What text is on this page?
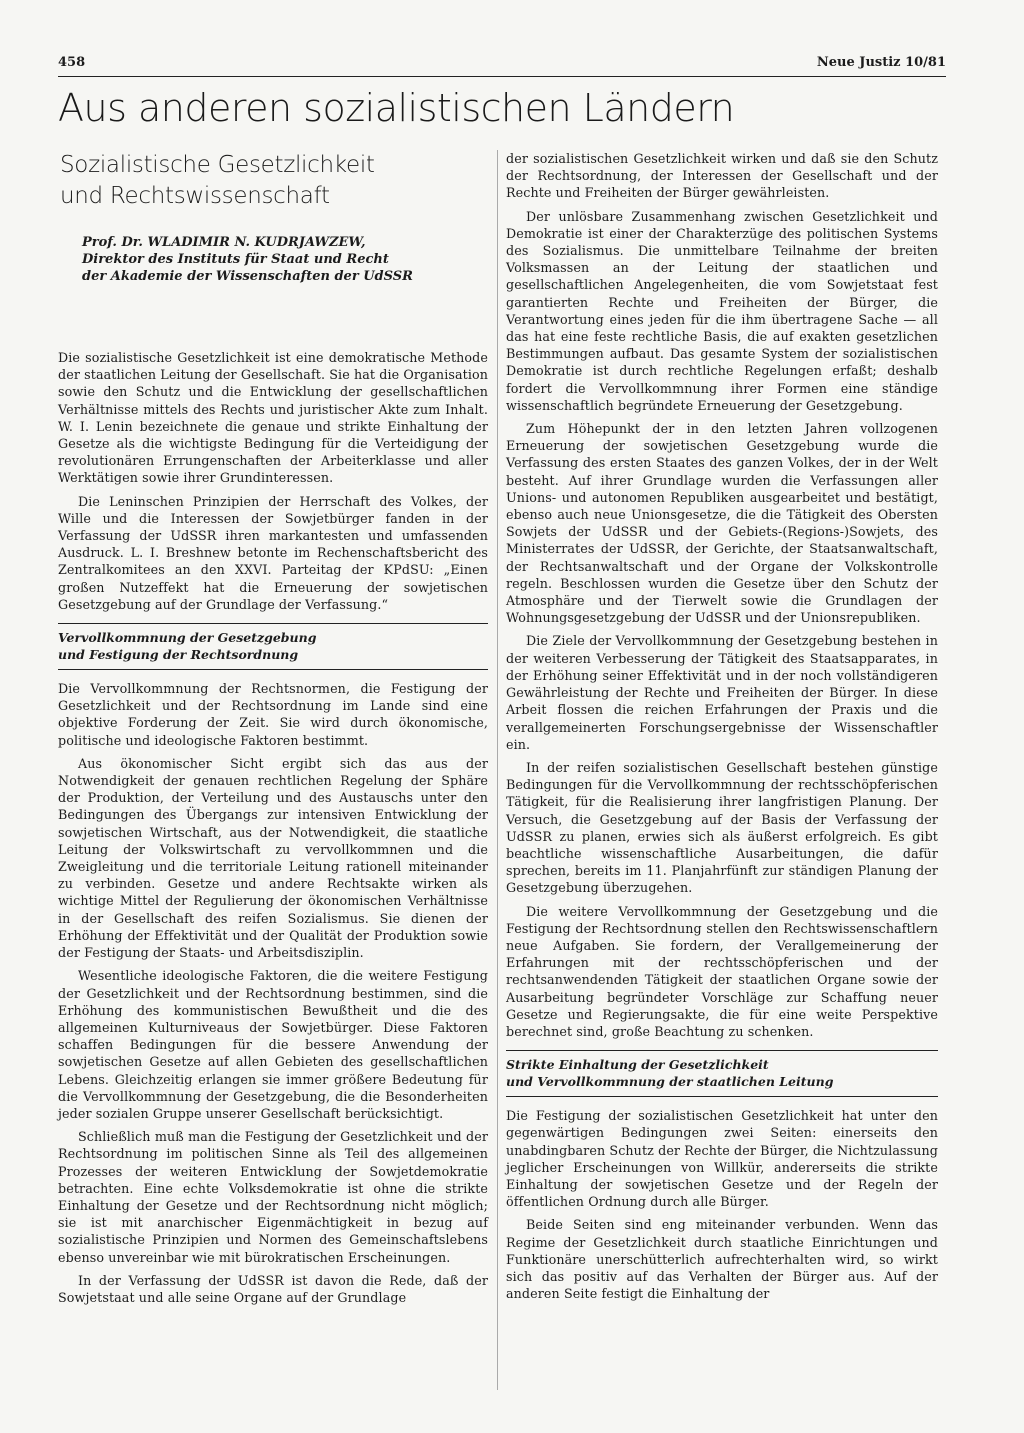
458	Neue Justiz 10/81
Aus anderen sozialistischen Ländern
Sozialistische Gesetzlichkeit
und Rechtswissenschaft
Prof. Dr. WLADIMIR N. KUDRJAWZEW,
Direktor des Instituts für Staat und Recht
der Akademie der Wissenschaften der UdSSR

Die sozialistische Gesetzlichkeit ist eine demokratische Methode der staatlichen Leitung der Gesellschaft. Sie hat die Organisation sowie den Schutz und die Entwicklung der gesellschaftlichen Verhältnisse mittels des Rechts und juristischer Akte zum Inhalt. W. I. Lenin bezeichnete die genaue und strikte Einhaltung der Gesetze als die wichtigste Bedingung für die Verteidigung der revolutionären Errungenschaften der Arbeiterklasse und aller Werktätigen sowie ihrer Grundinteressen.

Die Leninschen Prinzipien der Herrschaft des Volkes, der Wille und die Interessen der Sowjetbürger fanden in der Verfassung der UdSSR ihren markantesten und umfassenden Ausdruck. L. I. Breshnew betonte im Rechenschaftsbericht des Zentralkomitees an den XXVI. Parteitag der KPdSU: „Einen großen Nutzeffekt hat die Erneuerung der sowjetischen Gesetzgebung auf der Grundlage der Verfassung.“

Vervollkommnung der Gesetzgebung
und Festigung der Rechtsordnung

Die Vervollkommnung der Rechtsnormen, die Festigung der Gesetzlichkeit und der Rechtsordnung im Lande sind eine objektive Forderung der Zeit. Sie wird durch ökonomische, politische und ideologische Faktoren bestimmt.

Aus ökonomischer Sicht ergibt sich das aus der Notwendigkeit der genauen rechtlichen Regelung der Sphäre der Produktion, der Verteilung und des Austauschs unter den Bedingungen des Übergangs zur intensiven Entwicklung der sowjetischen Wirtschaft, aus der Notwendigkeit, die staatliche Leitung der Volkswirtschaft zu vervollkommnen und die Zweigleitung und die territoriale Leitung rationell miteinander zu verbinden. Gesetze und andere Rechtsakte wirken als wichtige Mittel der Regulierung der ökonomischen Verhältnisse in der Gesellschaft des reifen Sozialismus. Sie dienen der Erhöhung der Effektivität und der Qualität der Produktion sowie der Festigung der Staats- und Arbeitsdisziplin.

Wesentliche ideologische Faktoren, die die weitere Festigung der Gesetzlichkeit und der Rechtsordnung bestimmen, sind die Erhöhung des kommunistischen Bewußtheit und die des allgemeinen Kulturniveaus der Sowjetbürger. Diese Faktoren schaffen Bedingungen für die bessere Anwendung der sowjetischen Gesetze auf allen Gebieten des gesellschaftlichen Lebens. Gleichzeitig erlangen sie immer größere Bedeutung für die Vervollkommnung der Gesetzgebung, die die Besonderheiten jeder sozialen Gruppe unserer Gesellschaft berücksichtigt.

Schließlich muß man die Festigung der Gesetzlichkeit und der Rechtsordnung im politischen Sinne als Teil des allgemeinen Prozesses der weiteren Entwicklung der Sowjetdemokratie betrachten. Eine echte Volksdemokratie ist ohne die strikte Einhaltung der Gesetze und der Rechtsordnung nicht möglich; sie ist mit anarchischer Eigenmächtigkeit in bezug auf sozialistische Prinzipien und Normen des Gemeinschaftslebens ebenso unvereinbar wie mit bürokratischen Erscheinungen.

In der Verfassung der UdSSR ist davon die Rede, daß der Sowjetstaat und alle seine Organe auf der Grundlage

der sozialistischen Gesetzlichkeit wirken und daß sie den Schutz der Rechtsordnung, der Interessen der Gesellschaft und der Rechte und Freiheiten der Bürger gewährleisten.

Der unlösbare Zusammenhang zwischen Gesetzlichkeit und Demokratie ist einer der Charakterzüge des politischen Systems des Sozialismus. Die unmittelbare Teilnahme der breiten Volksmassen an der Leitung der staatlichen und gesellschaftlichen Angelegenheiten, die vom Sowjetstaat fest garantierten Rechte und Freiheiten der Bürger, die Verantwortung eines jeden für die ihm übertragene Sache — all das hat eine feste rechtliche Basis, die auf exakten gesetzlichen Bestimmungen aufbaut. Das gesamte System der sozialistischen Demokratie ist durch rechtliche Regelungen erfaßt; deshalb fordert die Vervollkommnung ihrer Formen eine ständige wissenschaftlich begründete Erneuerung der Gesetzgebung.

Zum Höhepunkt der in den letzten Jahren vollzogenen Erneuerung der sowjetischen Gesetzgebung wurde die Verfassung des ersten Staates des ganzen Volkes, der in der Welt besteht. Auf ihrer Grundlage wurden die Verfassungen aller Unions- und autonomen Republiken ausgearbeitet und bestätigt, ebenso auch neue Unionsgesetze, die die Tätigkeit des Obersten Sowjets der UdSSR und der Gebiets-(Regions-)Sowjets, des Ministerrates der UdSSR, der Gerichte, der Staatsanwaltschaft, der Rechtsanwaltschaft und der Organe der Volkskontrolle regeln. Beschlossen wurden die Gesetze über den Schutz der Atmosphäre und der Tierwelt sowie die Grundlagen der Wohnungsgesetzgebung der UdSSR und der Unionsrepubliken.

Die Ziele der Vervollkommnung der Gesetzgebung bestehen in der weiteren Verbesserung der Tätigkeit des Staatsapparates, in der Erhöhung seiner Effektivität und in der noch vollständigeren Gewährleistung der Rechte und Freiheiten der Bürger. In diese Arbeit flossen die reichen Erfahrungen der Praxis und die verallgemeinerten Forschungsergebnisse der Wissenschaftler ein.

In der reifen sozialistischen Gesellschaft bestehen günstige Bedingungen für die Vervollkommnung der rechtsschöpferischen Tätigkeit, für die Realisierung ihrer langfristigen Planung. Der Versuch, die Gesetzgebung auf der Basis der Verfassung der UdSSR zu planen, erwies sich als äußerst erfolgreich. Es gibt beachtliche wissenschaftliche Ausarbeitungen, die dafür sprechen, bereits im 11. Planjahrfünft zur ständigen Planung der Gesetzgebung überzugehen.

Die weitere Vervollkommnung der Gesetzgebung und die Festigung der Rechtsordnung stellen den Rechtswissenschaftlern neue Aufgaben. Sie fordern, der Verallgemeinerung der Erfahrungen mit der rechtsschöpferischen und der rechtsanwendenden Tätigkeit der staatlichen Organe sowie der Ausarbeitung begründeter Vorschläge zur Schaffung neuer Gesetze und Regierungsakte, die für eine weite Perspektive berechnet sind, große Beachtung zu schenken.

Strikte Einhaltung der Gesetzlichkeit
und Vervollkommnung der staatlichen Leitung

Die Festigung der sozialistischen Gesetzlichkeit hat unter den gegenwärtigen Bedingungen zwei Seiten: einerseits den unabdingbaren Schutz der Rechte der Bürger, die Nichtzulassung jeglicher Erscheinungen von Willkür, andererseits die strikte Einhaltung der sowjetischen Gesetze und der Regeln der öffentlichen Ordnung durch alle Bürger.

Beide Seiten sind eng miteinander verbunden. Wenn das Regime der Gesetzlichkeit durch staatliche Einrichtungen und Funktionäre unerschütterlich aufrechterhalten wird, so wirkt sich das positiv auf das Verhalten der Bürger aus. Auf der anderen Seite festigt die Einhaltung der
